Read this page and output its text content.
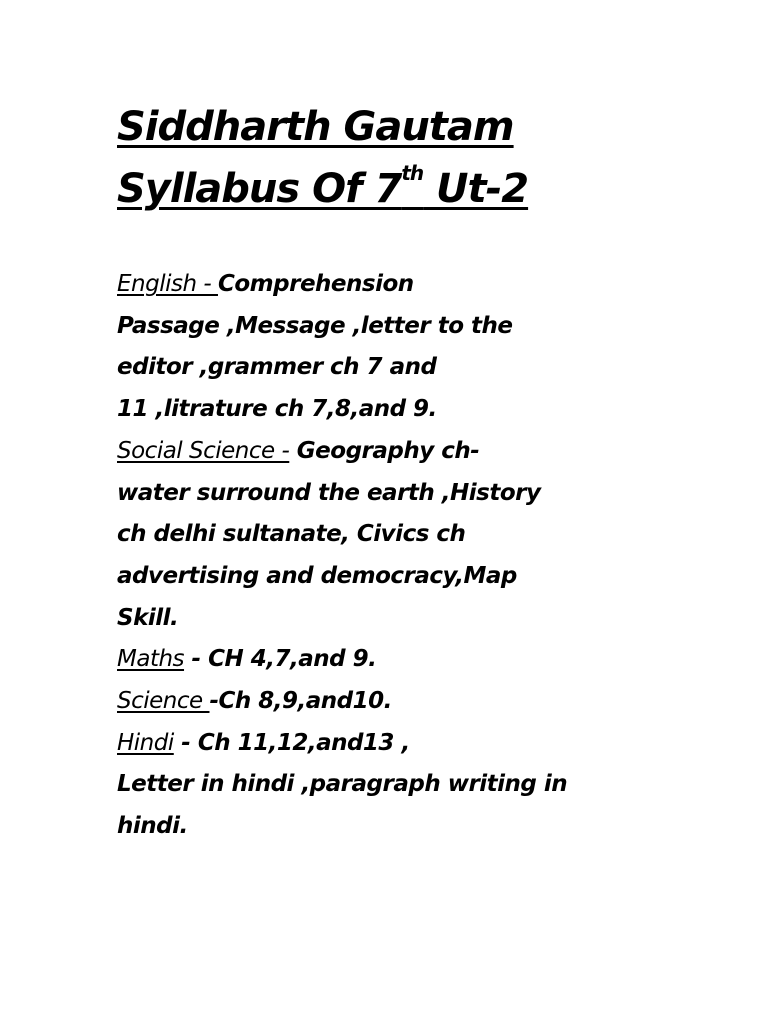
Siddharth Gautam
Syllabus Of 7th Ut-2
English - Comprehension
Passage ,Message ,letter to the
editor ,grammer ch 7 and
11 ,litrature ch 7,8,and 9.
Social Science - Geography ch-
water surround the earth ,History
ch delhi sultanate, Civics ch
advertising and democracy,Map
Skill.
Maths - CH 4,7,and 9.
Science -Ch 8,9,and10.
Hindi - Ch 11,12,and13 ,
Letter in hindi ,paragraph writing in
hindi.
